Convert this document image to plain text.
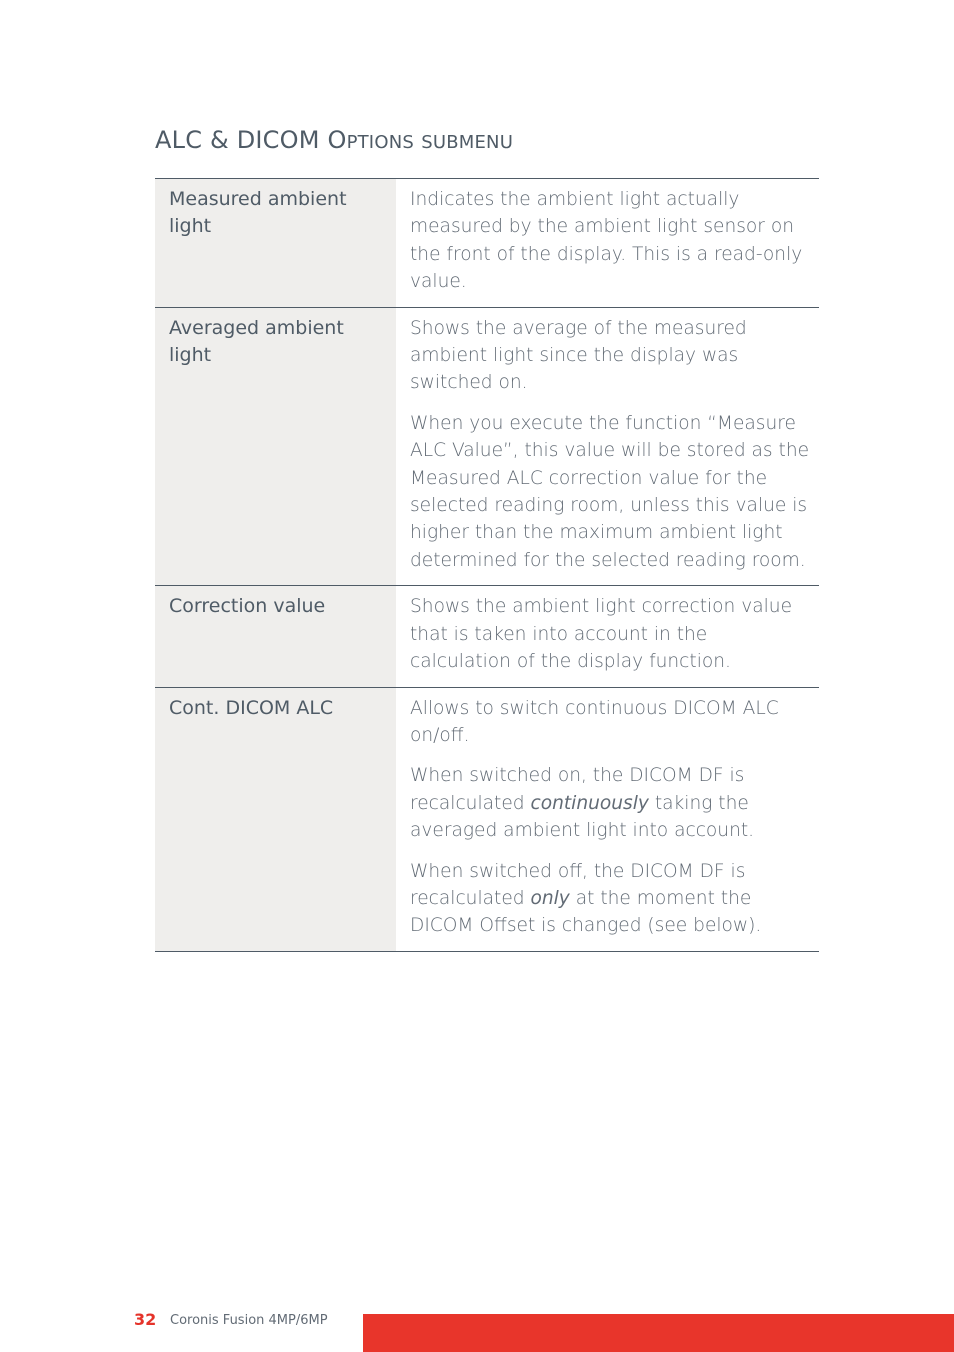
ALC & DICOM OPTIONS SUBMENU
Measured ambient light	Indicates the ambient light actually measured by the ambient light sensor on the front of the display. This is a read-only value.

Averaged ambient light	Shows the average of the measured ambient light since the display was switched on.

When you execute the function “Measure ALC Value”, this value will be stored as the Measured ALC correction value for the selected reading room, unless this value is higher than the maximum ambient light determined for the selected reading room.

Correction value	Shows the ambient light correction value that is taken into account in the calculation of the display function.

Cont. DICOM ALC	Allows to switch continuous DICOM ALC on/off.

When switched on, the DICOM DF is recalculated continuously taking the averaged ambient light into account.

When switched off, the DICOM DF is recalculated only at the moment the DICOM Offset is changed (see below).

32 Coronis Fusion 4MP/6MP
